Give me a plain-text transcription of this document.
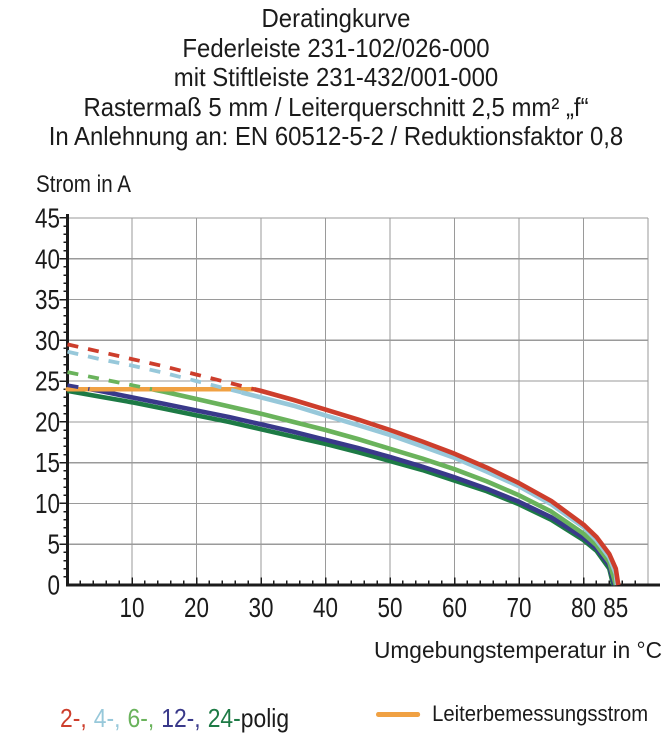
10 20 30 40 50 60 70 80 85
0
5
10
15
20
25
30
35
40
45
Strom in A
Umgebungstemperatur in °C
Deratingkurve
Federleiste 231-102/026-000
mit Stiftleiste 231-432/001-000
Rastermaß 5 mm / Leiterquerschnitt 2,5 mm² „f“
In Anlehnung an: EN 60512-5-2 / Reduktionsfaktor 0,8
2-, 4-, 6-, 12-, 24-polig	Leiterbemessungsstrom
